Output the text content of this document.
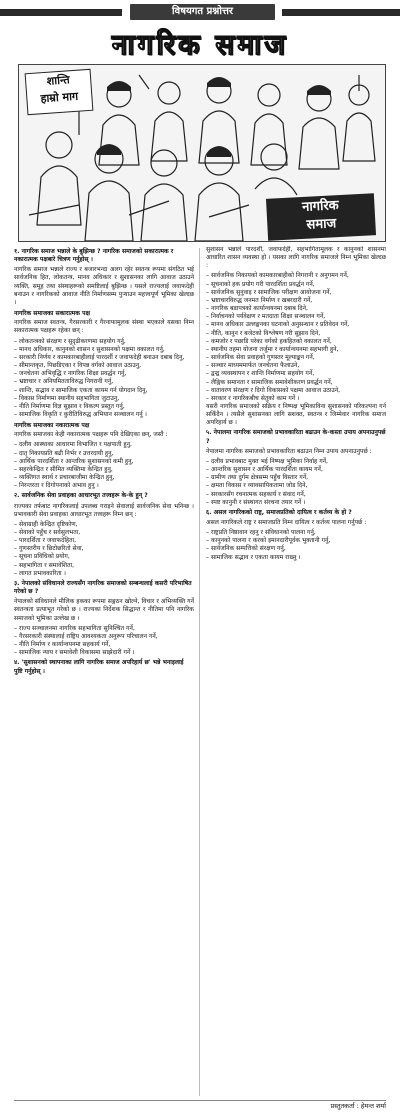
विषयगत प्रश्नोत्तर
नागरिक समाज
शान्ति
हाम्रो माग
नागरिक
समाज
१. नागरिक समाज भन्नाले के बुझिन्छ ? नागरिक समाजको सकारात्मक र नकारात्मक पक्षबारे चित्रण गर्नुहोस् ।
नागरिक समाज भन्नाले राज्य र बजारभन्दा अलग रहेर स्वतन्त्र रूपमा संगठित भई सार्वजनिक हित, लोकतन्त्र, मानव अधिकार र सुशासनका लागि आवाज उठाउने व्यक्ति, समूह तथा संस्थाहरूको समष्टिलाई बुझिन्छ । यसले राज्यलाई जवाफदेही बनाउन र नागरिकको आवाज नीति निर्माणसम्म पुर्‍याउन महत्त्वपूर्ण भूमिका खेल्दछ ।
नागरिक समाजका सकारात्मक पक्ष
नागरिक समाज स्वतन्त्र, गैरसरकारी र गैरनाफामूलक संस्था भएकाले यसका निम्न सकारात्मक पक्षहरू रहेका छन् :
– लोकतन्त्रको संरक्षण र सुदृढीकरणमा सहयोग गर्नु,
– मानव अधिकार, कानुनको शासन र सुशासनको पक्षमा वकालत गर्नु,
– सरकारी निर्णय र कामकारबाहीलाई पारदर्शी र जवाफदेही बनाउन दबाब दिनु,
– सीमान्तकृत, पिछडिएका र विपन्न वर्गको आवाज उठाउनु,
– जनचेतना अभिवृद्धि र नागरिक शिक्षा प्रवर्द्धन गर्नु,
– भ्रष्टाचार र अनियमितताविरुद्ध निगरानी गर्नु,
– शान्ति, सद्भाव र सामाजिक एकता कायम गर्न योगदान दिनु,
– विकास निर्माणमा स्थानीय सहभागिता जुटाउनु,
– नीति निर्माणमा विज्ञ सुझाव र विकल्प प्रस्तुत गर्नु,
– सामाजिक विकृति र कुरीतिविरुद्ध अभियान सञ्चालन गर्नु ।
नागरिक समाजका नकारात्मक पक्ष
नागरिक समाजका केही नकारात्मक पक्षहरू पनि देखिएका छन्, जस्तै :
– दलीय आस्थाका आधारमा विभाजित र पक्षपाती हुनु,
– दातृ निकायप्रति बढी निर्भर र उत्तरदायी हुनु,
– आर्थिक पारदर्शिता र आन्तरिक सुशासनको कमी हुनु,
– सहरकेन्द्रित र सीमित व्यक्तिमा केन्द्रित हुनु,
– व्यक्तिगत स्वार्थ र प्रचारबाजीमा केन्द्रित हुनु,
– निरन्तरता र दिगोपनाको अभाव हुनु ।
२. सार्वजनिक सेवा प्रवाहका आधारभूत तत्त्वहरू के-के हुन् ?
राज्यका तर्फबाट नागरिकलाई उपलब्ध गराइने सेवालाई सार्वजनिक सेवा भनिन्छ । प्रभावकारी सेवा प्रवाहका आधारभूत तत्त्वहरू निम्न छन् :
– सेवाग्राही केन्द्रित दृष्टिकोण,
– सेवाको पहुँच र सर्वसुलभता,
– पारदर्शिता र जवाफदेहिता,
– गुणस्तरीय र छिटोछरितो सेवा,
– सूचना प्रविधिको प्रयोग,
– सहभागिता र समावेशिता,
– लागत प्रभावकारिता ।
३. नेपालको संविधानले राज्यसँग नागरिक समाजको सम्बन्धलाई कसरी परिभाषित गरेको छ ?
नेपालको संविधानले मौलिक हकका रूपमा सङ्गठन खोल्ने, विचार र अभिव्यक्ति गर्ने स्वतन्त्रता प्रत्याभूत गरेको छ । राज्यका निर्देशक सिद्धान्त र नीतिमा पनि नागरिक समाजको भूमिका उल्लेख छ ।
– राज्य सञ्चालनमा नागरिक सहभागिता सुनिश्चित गर्ने,
– गैरसरकारी संस्थालाई राष्ट्रिय आवश्यकता अनुरूप परिचालन गर्ने,
– नीति निर्माण र कार्यान्वयनमा सहकार्य गर्ने,
– सामाजिक न्याय र समावेशी विकासमा साझेदारी गर्ने ।
४. 'सुशासनको स्थापनाका लागि नागरिक समाज अपरिहार्य छ' भन्ने भनाइलाई पुष्टि गर्नुहोस् ।
सुशासन भन्नाले पारदर्शी, जवाफदेही, सहभागितामूलक र कानुनको शासनमा आधारित शासन व्यवस्था हो । यसका लागि नागरिक समाजले निम्न भूमिका खेल्दछ :
– सार्वजनिक निकायको कामकारबाहीको निगरानी र अनुगमन गर्ने,
– सूचनाको हक प्रयोग गरी पारदर्शिता प्रवर्द्धन गर्ने,
– सार्वजनिक सुनुवाइ र सामाजिक परीक्षण आयोजना गर्ने,
– भ्रष्टाचारविरुद्ध जनमत निर्माण र खबरदारी गर्ने,
– नागरिक बडापत्रको कार्यान्वयनमा दबाब दिने,
– निर्वाचनको पर्यवेक्षण र मतदाता शिक्षा सञ्चालन गर्ने,
– मानव अधिकार उल्लङ्घनका घटनाको अनुसन्धान र प्रतिवेदन गर्ने,
– नीति, कानुन र बजेटको विश्लेषण गरी सुझाव दिने,
– कमजोर र पछाडि परेका वर्गको हकहितको वकालत गर्ने,
– स्थानीय तहमा योजना तर्जुमा र कार्यान्वयनमा सहभागी हुने,
– सार्वजनिक सेवा प्रवाहको गुणस्तर मूल्याङ्कन गर्ने,
– सञ्चार माध्यममार्फत जनचेतना फैलाउने,
– द्वन्द्व व्यवस्थापन र शान्ति निर्माणमा सहयोग गर्ने,
– लैङ्गिक समानता र सामाजिक समावेशीकरण प्रवर्द्धन गर्ने,
– वातावरण संरक्षण र दिगो विकासको पक्षमा आवाज उठाउने,
– सरकार र नागरिकबीच सेतुको काम गर्ने ।
यसरी नागरिक समाजको सक्रिय र निष्पक्ष भूमिकाविना सुशासनको परिकल्पना गर्न सकिँदैन । त्यसैले सुशासनका लागि सशक्त, स्वतन्त्र र जिम्मेवार नागरिक समाज अपरिहार्य छ ।
५. नेपालमा नागरिक समाजको प्रभावकारिता बढाउन के-कस्ता उपाय अपनाउनुपर्छ ?
नेपालमा नागरिक समाजको प्रभावकारिता बढाउन निम्न उपाय अपनाउनुपर्छ :
– दलीय प्रभावबाट मुक्त भई निष्पक्ष भूमिका निर्वाह गर्ने,
– आन्तरिक सुशासन र आर्थिक पारदर्शिता कायम गर्ने,
– ग्रामीण तथा दुर्गम क्षेत्रसम्म पहुँच विस्तार गर्ने,
– क्षमता विकास र व्यावसायिकतामा जोड दिने,
– सरकारसँग रचनात्मक सहकार्य र संवाद गर्ने,
– स्पष्ट कानुनी र संस्थागत संरचना तयार गर्ने ।
६. असल नागरिकको राष्ट्र, समाजप्रतिको दायित्व र कर्तव्य के हो ?
असल नागरिकले राष्ट्र र समाजप्रति निम्न दायित्व र कर्तव्य पालना गर्नुपर्छ :
– राष्ट्रप्रति निष्ठावान रहनु र संविधानको पालना गर्नु,
– कानुनको पालना र करको इमानदारीपूर्वक भुक्तानी गर्नु,
– सार्वजनिक सम्पत्तिको संरक्षण गर्नु,
– सामाजिक सद्भाव र एकता कायम राख्नु ।
प्रस्तुतकर्ता : हेमन्त शर्मा
